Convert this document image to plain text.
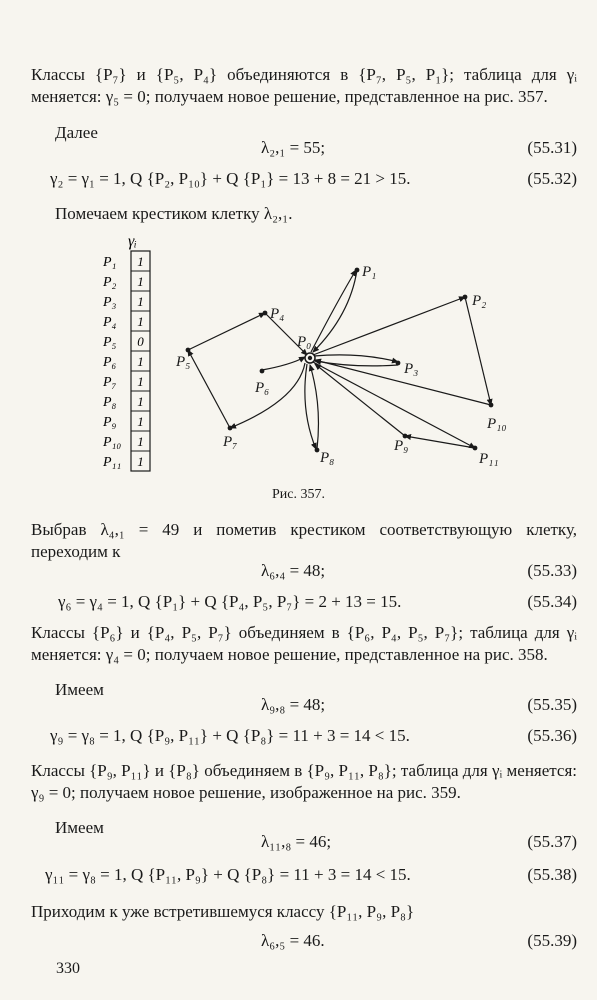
Классы {P₇} и {P₅, P₄} объединяются в {P₇, P₅, P₁}; таблица для γᵢ меняется: γ₅ = 0; получаем новое решение, представленное на рис. 357.
Далее
λ₂,₁ = 55;	(55.31)
γ₂ = γ₁ = 1, Q {P₂, P₁₀} + Q {P₁} = 13 + 8 = 21 > 15.	(55.32)
Помечаем крестиком клетку λ₂,₁.
γᵢ
P₁ 1
P₂ 1
P₃ 1
P₄ 1
P₅ 0
P₆ 1
P₇ 1
P₈ 1
P₉ 1
P₁₀ 1
P₁₁ 1
P₀
P₁
P₂
P₃
P₄
P₅
P₆
P₇
P₈
P₉
P₁₀
P₁₁
Рис. 357.
Выбрав λ₄,₁ = 49 и пометив крестиком соответствующую клетку, переходим к
λ₆,₄ = 48;	(55.33)
γ₆ = γ₄ = 1, Q {P₁} + Q {P₄, P₅, P₇} = 2 + 13 = 15.	(55.34)
Классы {P₆} и {P₄, P₅, P₇} объединяем в {P₆, P₄, P₅, P₇}; таблица для γᵢ меняется: γ₄ = 0; получаем новое решение, представленное на рис. 358.
Имеем
λ₉,₈ = 48;	(55.35)
γ₉ = γ₈ = 1, Q {P₉, P₁₁} + Q {P₈} = 11 + 3 = 14 < 15.	(55.36)
Классы {P₉, P₁₁} и {P₈} объединяем в {P₉, P₁₁, P₈}; таблица для γᵢ меняется: γ₉ = 0; получаем новое решение, изображенное на рис. 359.
Имеем
λ₁₁,₈ = 46;	(55.37)
γ₁₁ = γ₈ = 1, Q {P₁₁, P₉} + Q {P₈} = 11 + 3 = 14 < 15.	(55.38)
Приходим к уже встретившемуся классу {P₁₁, P₉, P₈}
λ₆,₅ = 46.	(55.39)
330
